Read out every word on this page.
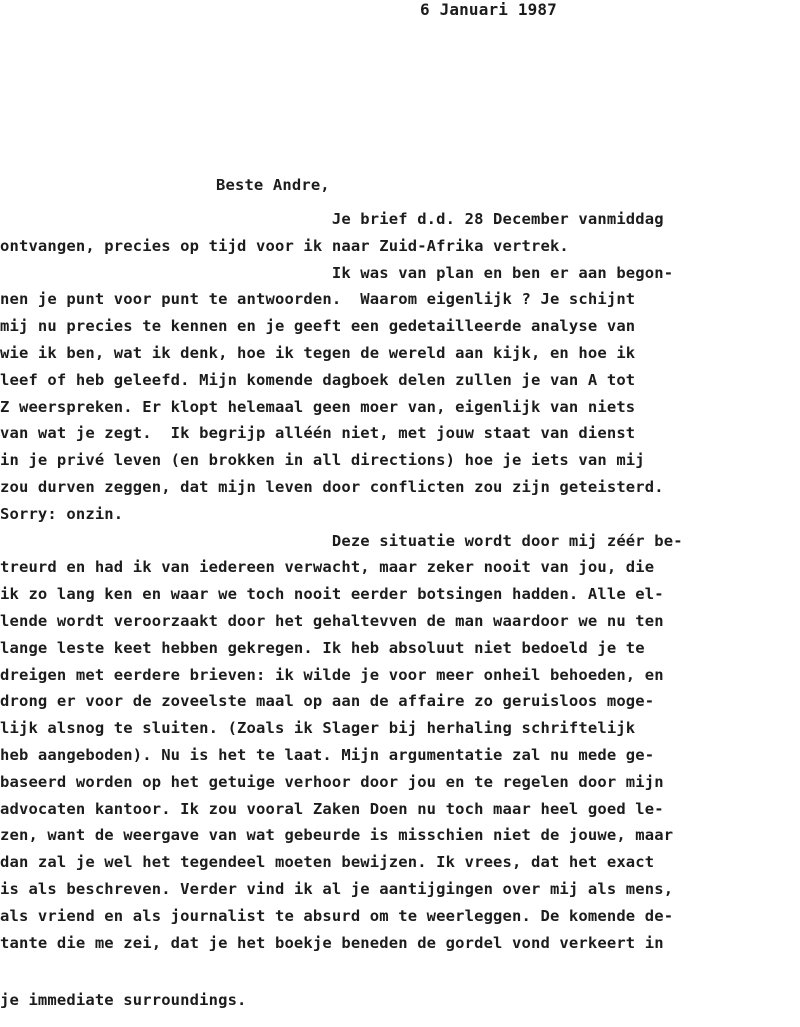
6 Januari 1987
Beste Andre,
Je brief d.d. 28 December vanmiddag
ontvangen, precies op tijd voor ik naar Zuid-Afrika vertrek.
Ik was van plan en ben er aan begon-
nen je punt voor punt te antwoorden.  Waarom eigenlijk ? Je schijnt
mij nu precies te kennen en je geeft een gedetailleerde analyse van
wie ik ben, wat ik denk, hoe ik tegen de wereld aan kijk, en hoe ik
leef of heb geleefd. Mijn komende dagboek delen zullen je van A tot
Z weerspreken. Er klopt helemaal geen moer van, eigenlijk van niets
van wat je zegt.  Ik begrijp alléén niet, met jouw staat van dienst
in je privé leven (en brokken in all directions) hoe je iets van mij
zou durven zeggen, dat mijn leven door conflicten zou zijn geteisterd.
Sorry: onzin.
Deze situatie wordt door mij zéér be-
treurd en had ik van iedereen verwacht, maar zeker nooit van jou, die
ik zo lang ken en waar we toch nooit eerder botsingen hadden. Alle el-
lende wordt veroorzaakt door het gehaltevven de man waardoor we nu ten
lange leste keet hebben gekregen. Ik heb absoluut niet bedoeld je te
dreigen met eerdere brieven: ik wilde je voor meer onheil behoeden, en
drong er voor de zoveelste maal op aan de affaire zo geruisloos moge-
lijk alsnog te sluiten. (Zoals ik Slager bij herhaling schriftelijk
heb aangeboden). Nu is het te laat. Mijn argumentatie zal nu mede ge-
baseerd worden op het getuige verhoor door jou en te regelen door mijn
advocaten kantoor. Ik zou vooral Zaken Doen nu toch maar heel goed le-
zen, want de weergave van wat gebeurde is misschien niet de jouwe, maar
dan zal je wel het tegendeel moeten bewijzen. Ik vrees, dat het exact
is als beschreven. Verder vind ik al je aantijgingen over mij als mens,
als vriend en als journalist te absurd om te weerleggen. De komende de-
tante die me zei, dat je het boekje beneden de gordel vond verkeert in
je immediate surroundings.
